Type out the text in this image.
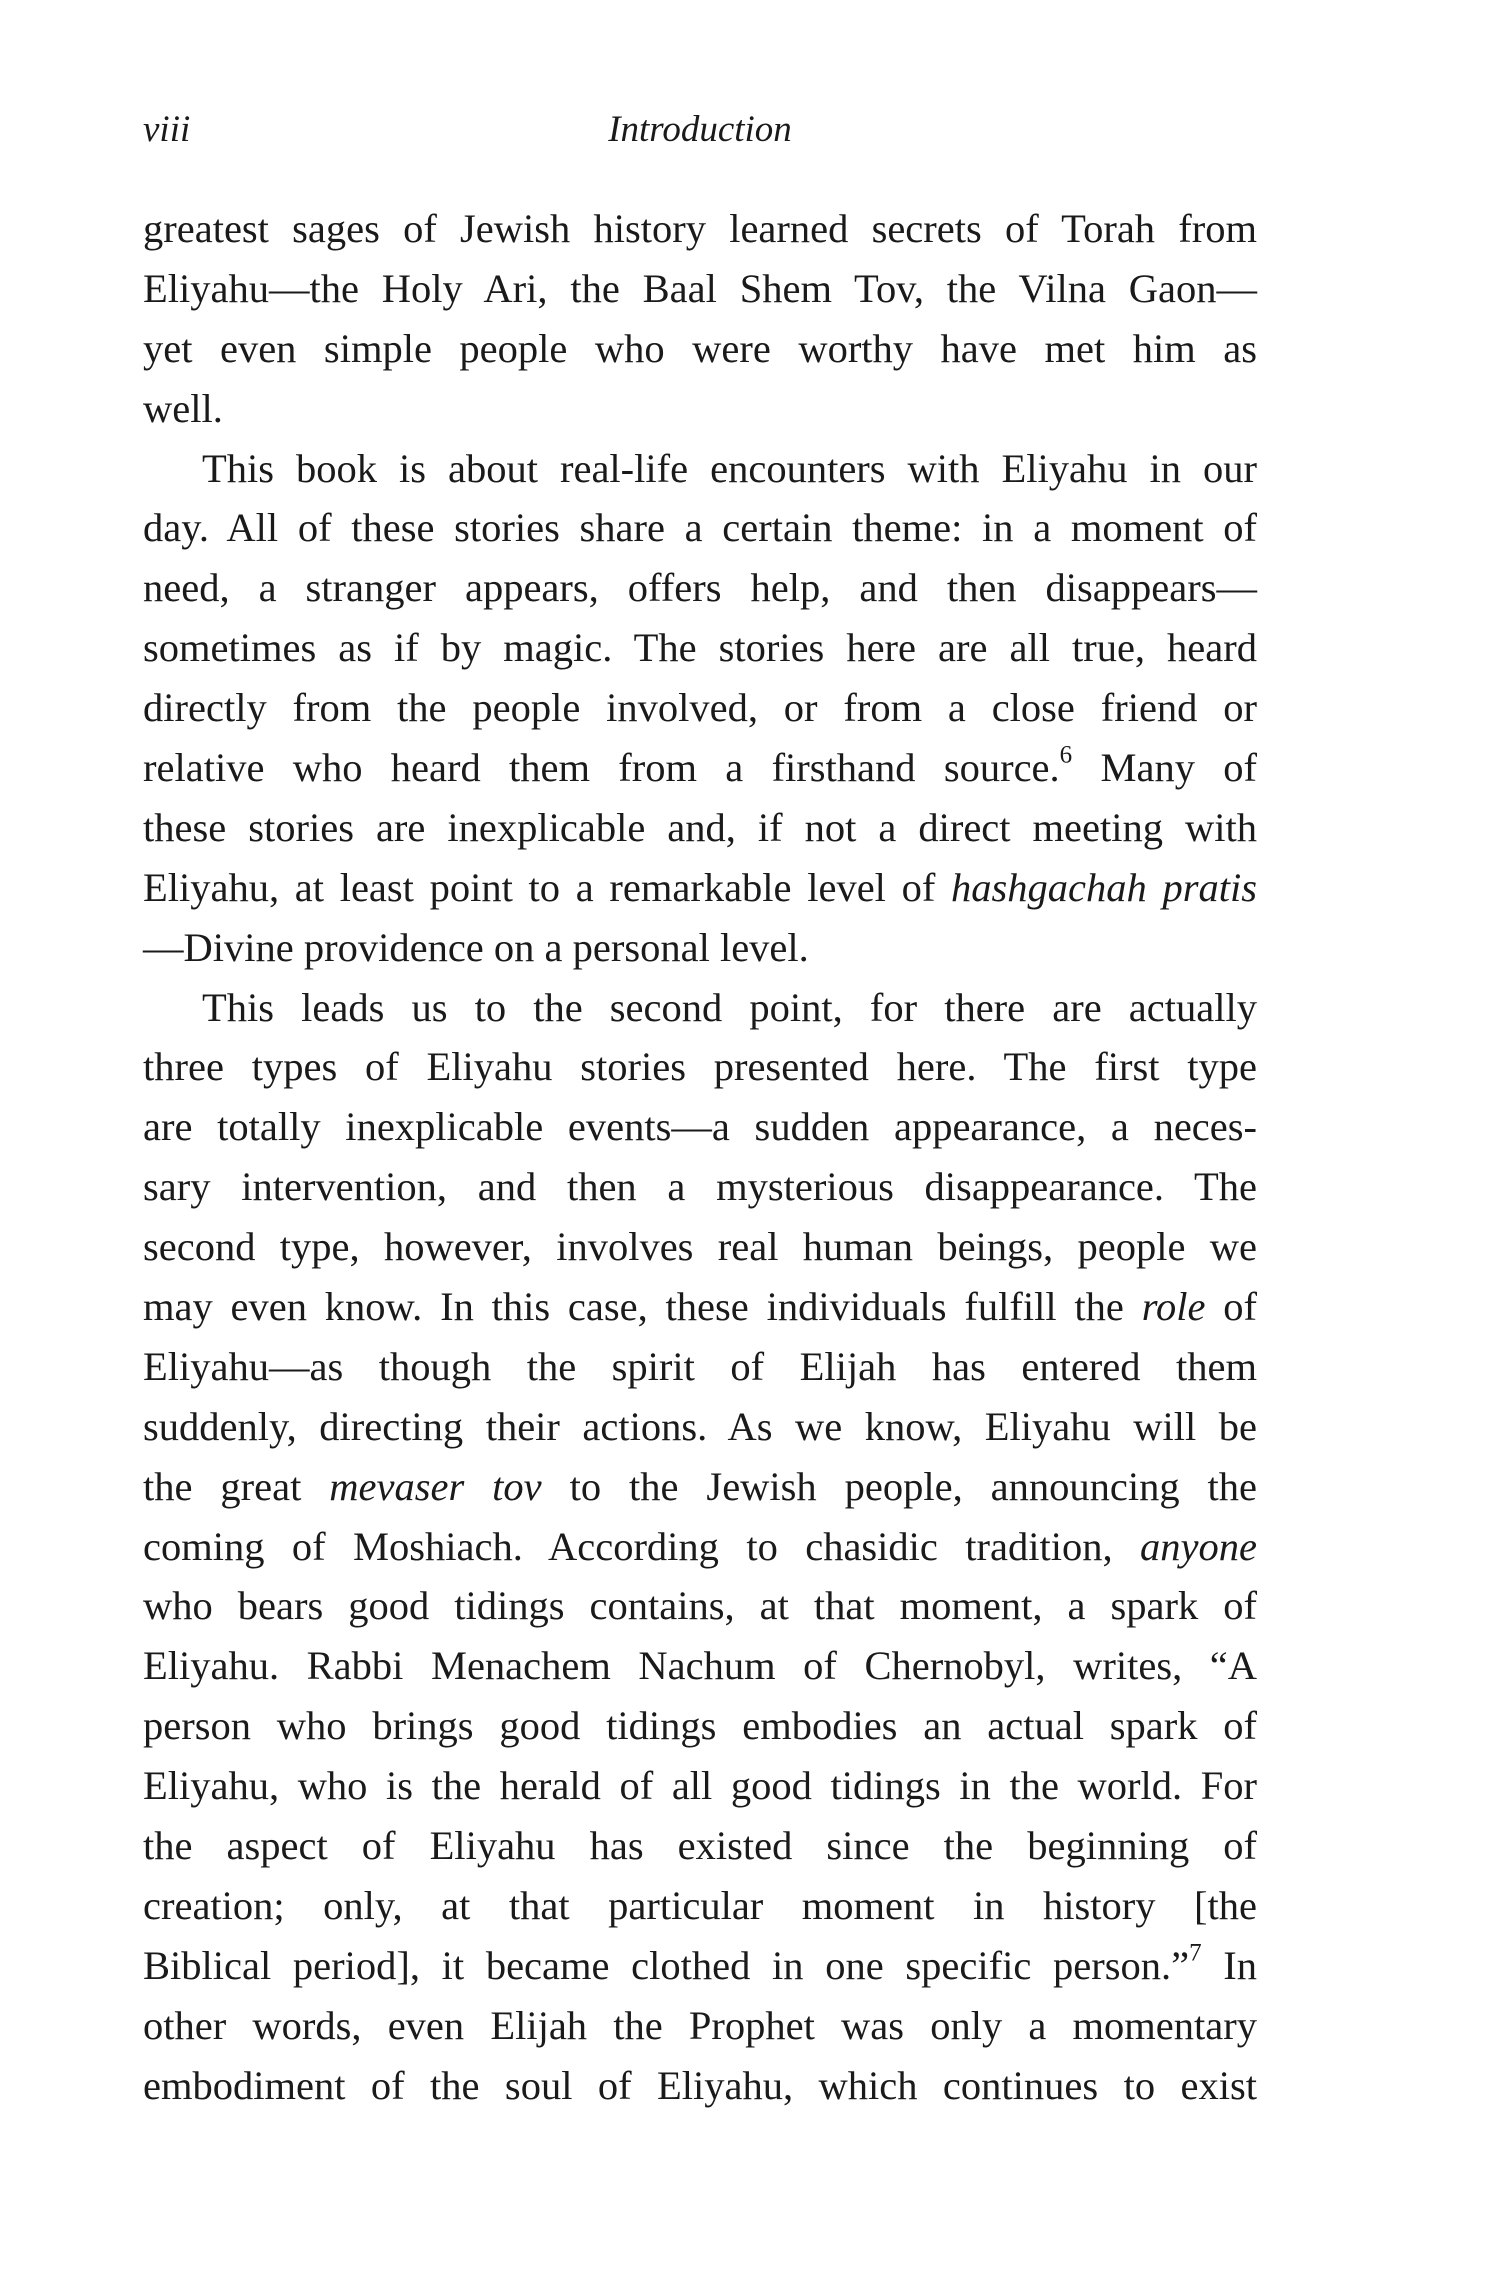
viii	Introduction
greatest sages of Jewish history learned secrets of Torah from
Eliyahu—the Holy Ari, the Baal Shem Tov, the Vilna Gaon—
yet even simple people who were worthy have met him as
well.
This book is about real-life encounters with Eliyahu in our
day. All of these stories share a certain theme: in a moment of
need, a stranger appears, offers help, and then disappears—
sometimes as if by magic. The stories here are all true, heard
directly from the people involved, or from a close friend or
relative who heard them from a firsthand source.$^6$ Many of
these stories are inexplicable and, if not a direct meeting with
Eliyahu, at least point to a remarkable level of hashgachah pratis
—Divine providence on a personal level.
This leads us to the second point, for there are actually
three types of Eliyahu stories presented here. The first type
are totally inexplicable events—a sudden appearance, a neces-
sary intervention, and then a mysterious disappearance. The
second type, however, involves real human beings, people we
may even know. In this case, these individuals fulfill the role of
Eliyahu—as though the spirit of Elijah has entered them
suddenly, directing their actions. As we know, Eliyahu will be
the great mevaser tov to the Jewish people, announcing the
coming of Moshiach. According to chasidic tradition, anyone
who bears good tidings contains, at that moment, a spark of
Eliyahu. Rabbi Menachem Nachum of Chernobyl, writes, “A
person who brings good tidings embodies an actual spark of
Eliyahu, who is the herald of all good tidings in the world. For
the aspect of Eliyahu has existed since the beginning of
creation; only, at that particular moment in history [the
Biblical period], it became clothed in one specific person.”$^7$ In
other words, even Elijah the Prophet was only a momentary
embodiment of the soul of Eliyahu, which continues to exist
